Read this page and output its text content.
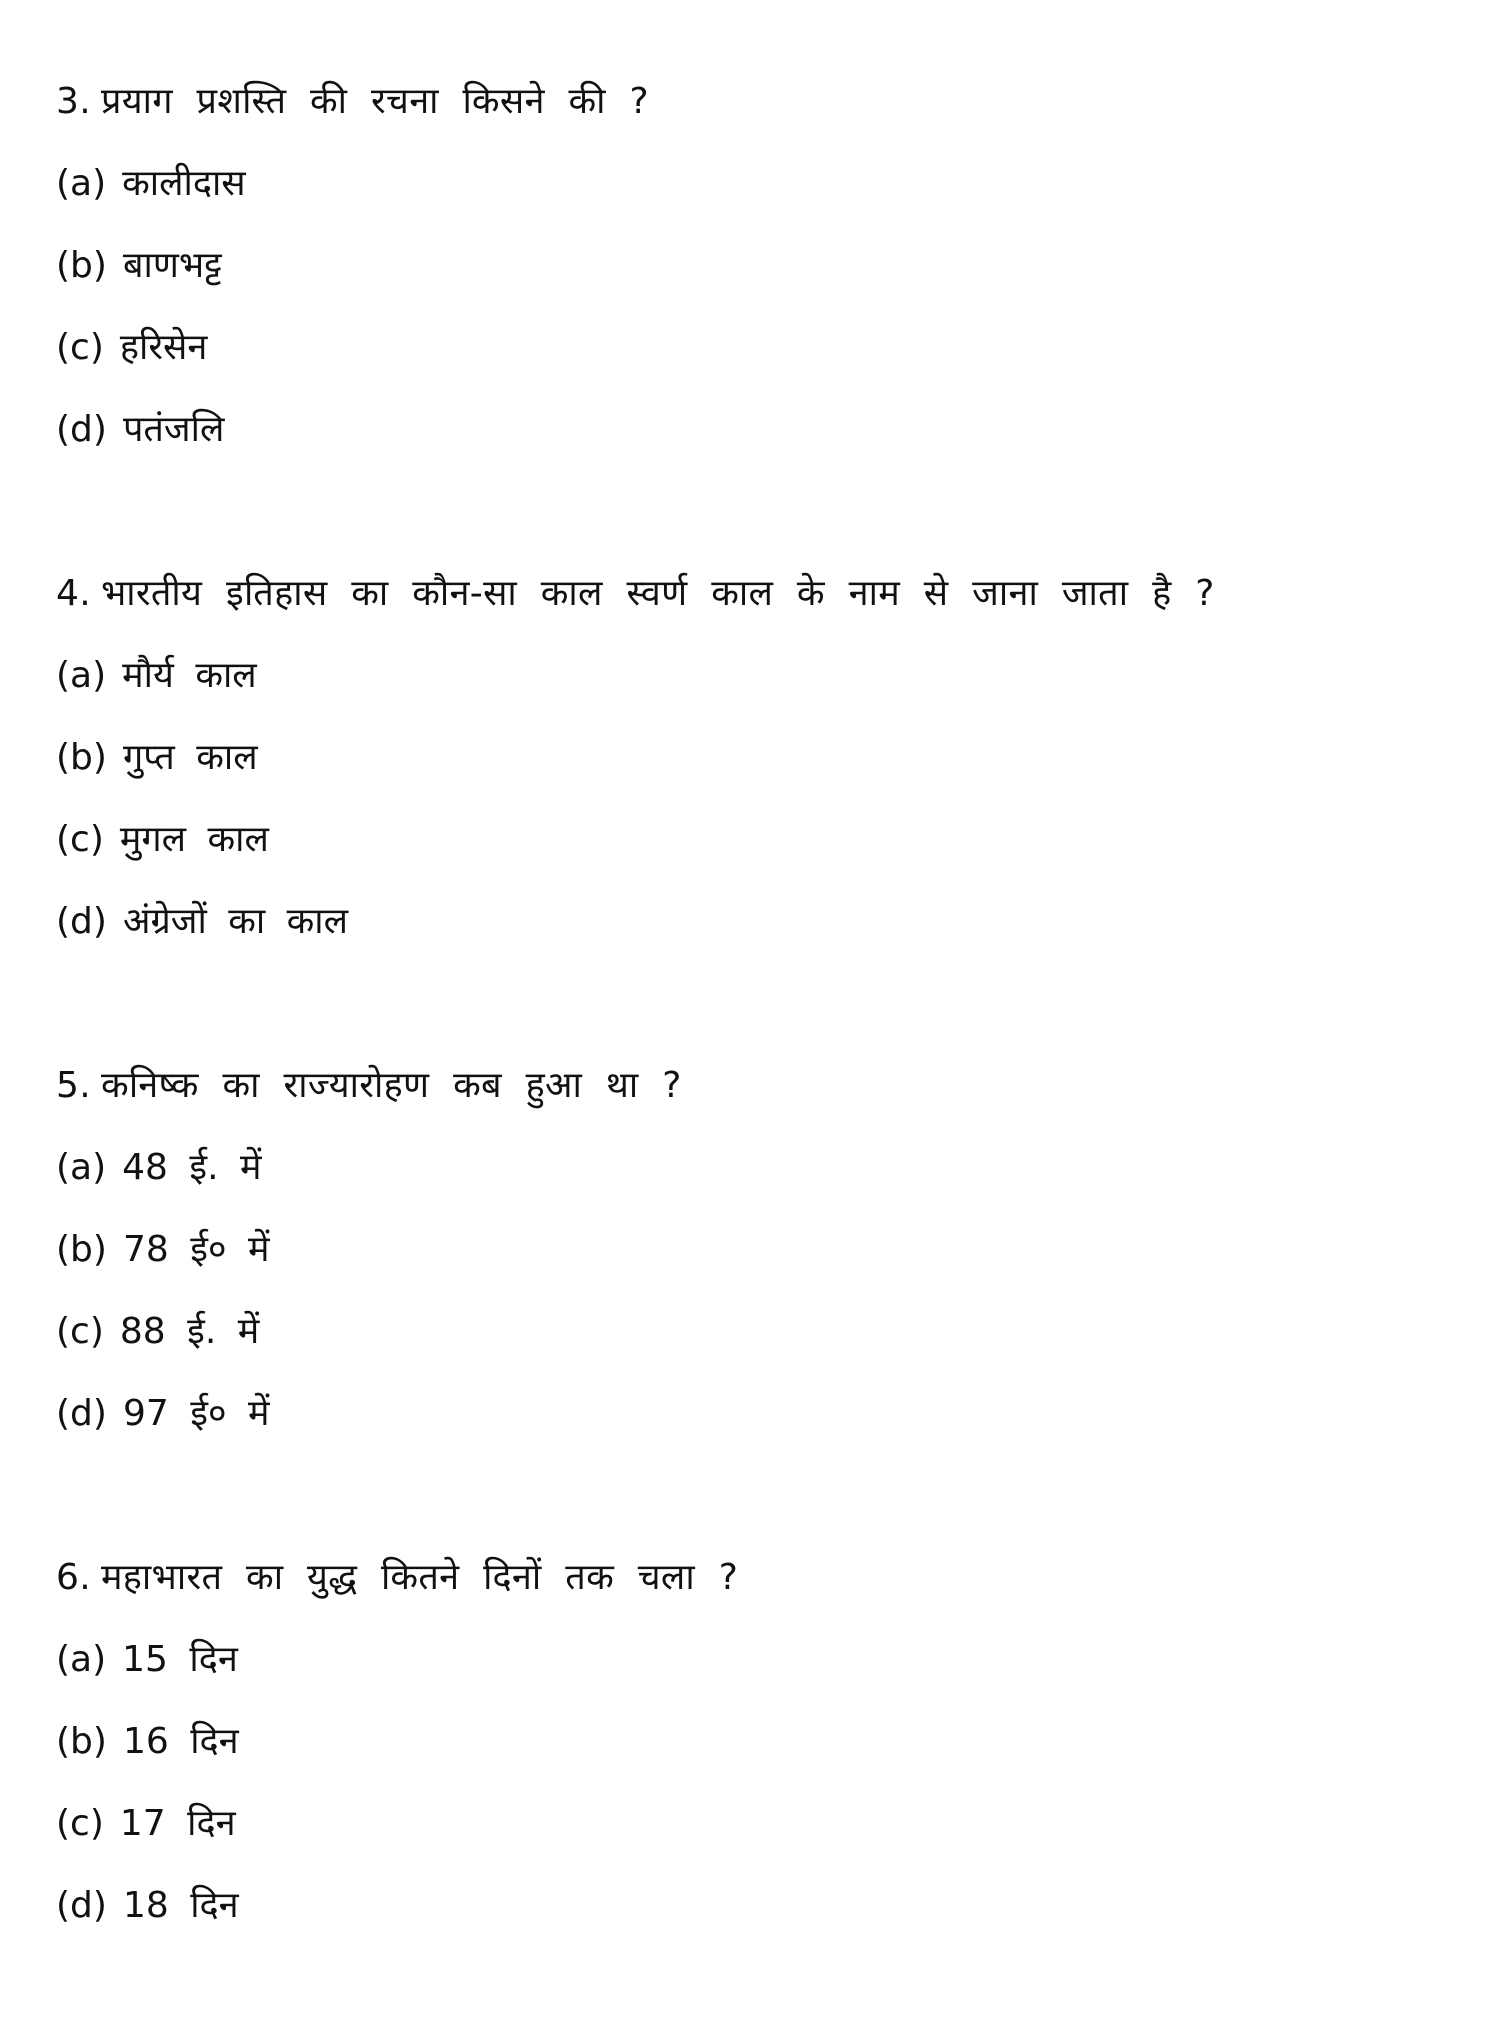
3. प्रयाग प्रशस्ति की रचना किसने की ?
(a) कालीदास
(b) बाणभट्ट
(c) हरिसेन
(d) पतंजलि
4. भारतीय इतिहास का कौन-सा काल स्वर्ण काल के नाम से जाना जाता है ?
(a) मौर्य काल
(b) गुप्त काल
(c) मुगल काल
(d) अंग्रेजों का काल
5. कनिष्क का राज्यारोहण कब हुआ था ?
(a) 48 ई. में
(b) 78 ई० में
(c) 88 ई. में
(d) 97 ई० में
6. महाभारत का युद्ध कितने दिनों तक चला ?
(a) 15 दिन
(b) 16 दिन
(c) 17 दिन
(d) 18 दिन
